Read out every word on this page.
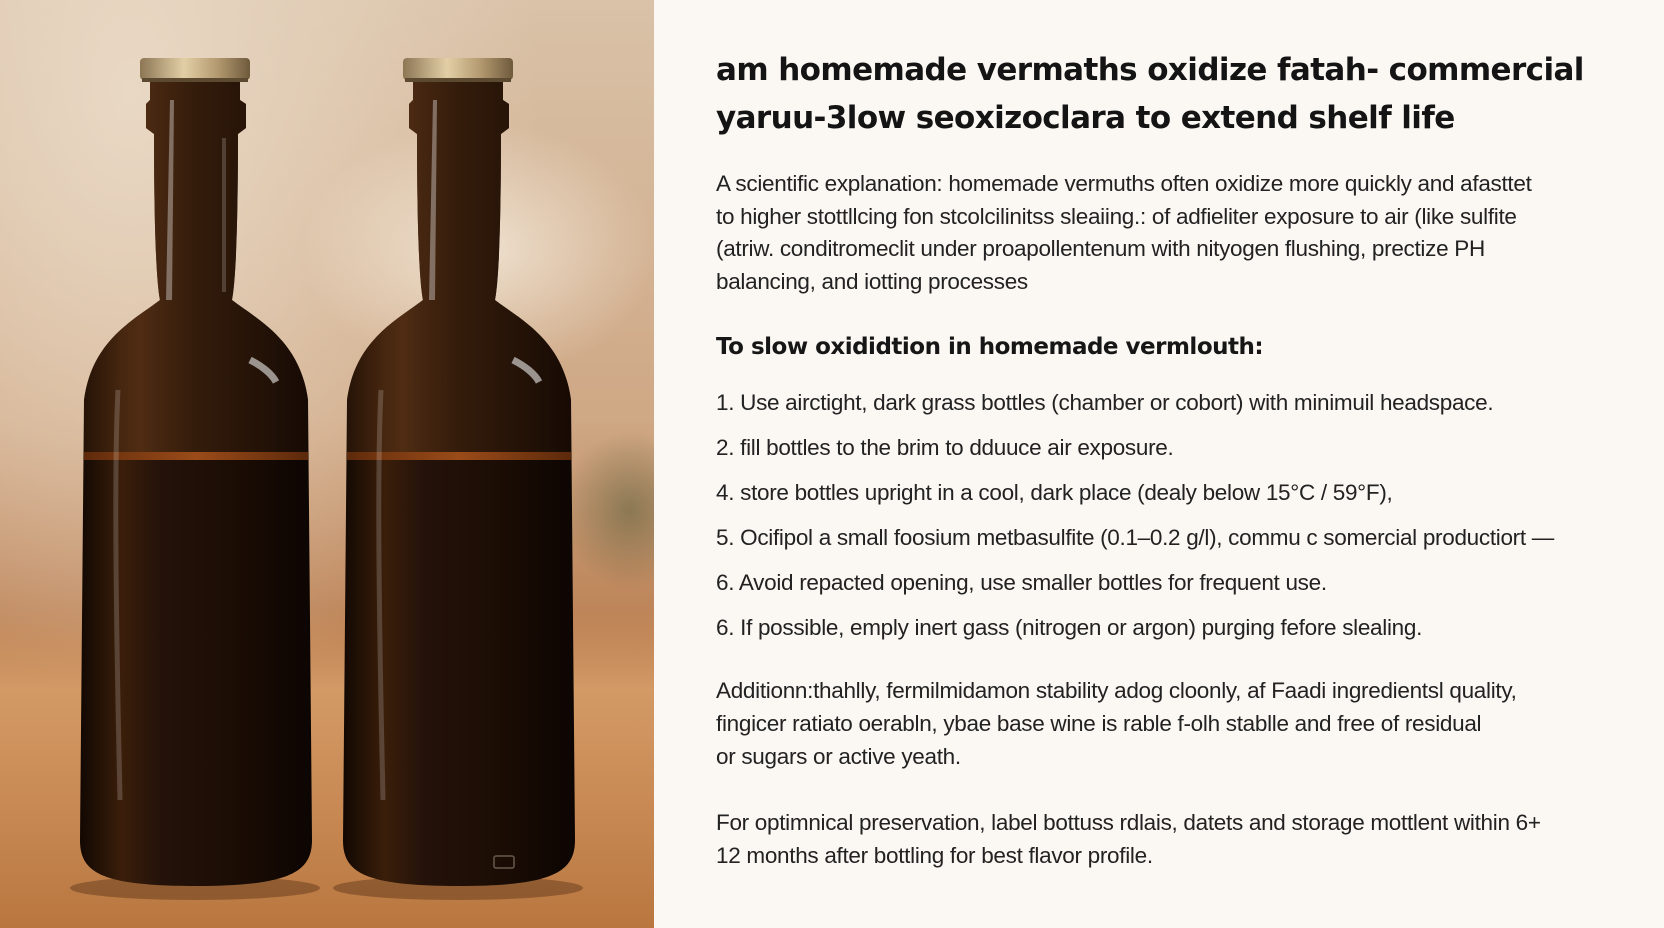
am homemade vermaths oxidize fatah- commercial
yaruu-3low seoxizoclara to extend shelf life

A scientific explanation: homemade vermuths often oxidize more quickly and afasttet
to higher stottllcing fon stcolcilinitss sleaiing.: of adfieliter exposure to air (like sulfite
(atriw. conditromeclit under proapollentenum with nityogen flushing, prectize PH
balancing, and iotting processes

To slow oxididtion in homemade vermlouth:
1. Use airctight, dark grass bottles (chamber or cobort) with minimuil headspace.
2. fill bottles to the brim to dduuce air exposure.
4. store bottles upright in a cool, dark place (dealy below 15°C / 59°F),
5. Ocifipol a small foosium metbasulfite (0.1–0.2 g/l), commu c somercial productiort —
6. Avoid repacted opening, use smaller bottles for frequent use.
6. If possible, emply inert gass (nitrogen or argon) purging fefore slealing.

Additionn:thahlly, fermilmidamon stability adog cloonly, af Faadi ingredientsl quality,
fingicer ratiato oerabln, ybae base wine is rable f-olh stablle and free of residual
or sugars or active yeath.

For optimnical preservation, label bottuss rdlais, datets and storage mottlent within 6+
12 months after bottling for best flavor profile.
